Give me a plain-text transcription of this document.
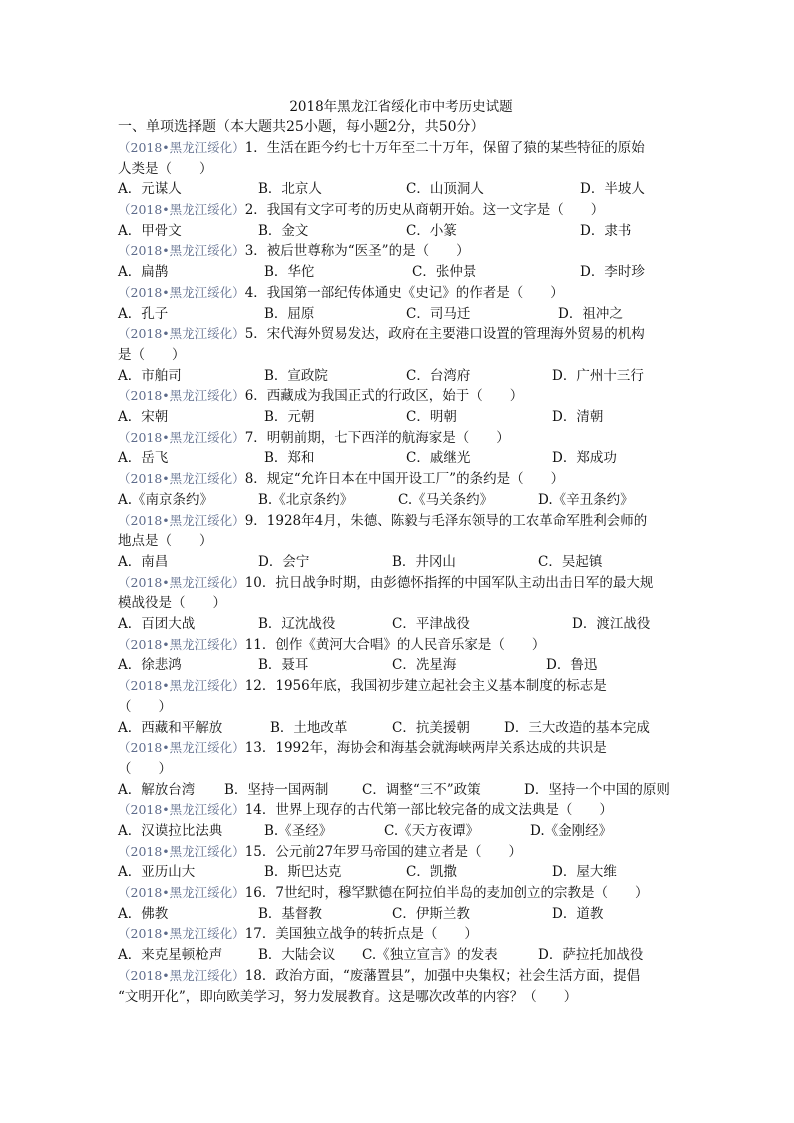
2018年黑龙江省绥化市中考历史试题
一、单项选择题（本大题共25小题，每小题2分，共50分）
（2018•黑龙江绥化）1．生活在距今约七十万年至二十万年，保留了猿的某些特征的原始
人类是（　　）
A．元谋人	B．北京人	C．山顶洞人	D．半坡人
（2018•黑龙江绥化）2．我国有文字可考的历史从商朝开始。这一文字是（　　）
A．甲骨文	B．金文	C．小篆	D．隶书
（2018•黑龙江绥化）3．被后世尊称为“医圣”的是（　　）
A．扁鹊	B．华佗	C．张仲景	D．李时珍
（2018•黑龙江绥化）4．我国第一部纪传体通史《史记》的作者是（　　）
A．孔子	B．屈原	C．司马迁	D．祖冲之
（2018•黑龙江绥化）5．宋代海外贸易发达，政府在主要港口设置的管理海外贸易的机构
是（　　）
A．市舶司	B．宣政院	C．台湾府	D．广州十三行
（2018•黑龙江绥化）6．西藏成为我国正式的行政区，始于（　　）
A．宋朝	B．元朝	C．明朝	D．清朝
（2018•黑龙江绥化）7．明朝前期，七下西洋的航海家是（　　）
A．岳飞	B．郑和	C．戚继光	D．郑成功
（2018•黑龙江绥化）8．规定“允许日本在中国开设工厂”的条约是（　　）
A.《南京条约》	B.《北京条约》	C.《马关条约》	D.《辛丑条约》
（2018•黑龙江绥化）9．1928年4月，朱德、陈毅与毛泽东领导的工农革命军胜利会师的
地点是（　　）
A．南昌	D．会宁	B．井冈山	C．吴起镇
（2018•黑龙江绥化）10．抗日战争时期，由彭德怀指挥的中国军队主动出击日军的最大规
模战役是（　　）
A．百团大战	B．辽沈战役	C．平津战役	D．渡江战役
（2018•黑龙江绥化）11．创作《黄河大合唱》的人民音乐家是（　　）
A．徐悲鸿	B．聂耳	C．冼星海	D．鲁迅
（2018•黑龙江绥化）12．1956年底，我国初步建立起社会主义基本制度的标志是
（　　）
A．西藏和平解放	B．土地改革	C．抗美援朝	D．三大改造的基本完成
（2018•黑龙江绥化）13．1992年，海协会和海基会就海峡两岸关系达成的共识是
（　　）
A．解放台湾 B．坚持一国两制 C．调整“三不”政策	D．坚持一个中国的原则
（2018•黑龙江绥化）14．世界上现存的古代第一部比较完备的成文法典是（　　）
A．汉谟拉比法典	B.《圣经》	C.《天方夜谭》	D.《金刚经》
（2018•黑龙江绥化）15．公元前27年罗马帝国的建立者是（　　）
A．亚历山大	B．斯巴达克	C．凯撒	D．屋大维
（2018•黑龙江绥化）16．7世纪时，穆罕默德在阿拉伯半岛的麦加创立的宗教是（　　）
A．佛教	B．基督教	C．伊斯兰教	D．道教
（2018•黑龙江绥化）17．美国独立战争的转折点是（　　）
A．来克星顿枪声	B．大陆会议 C.《独立宣言》的发表	D．萨拉托加战役
（2018•黑龙江绥化）18．政治方面，“废藩置县”，加强中央集权；社会生活方面，提倡
“文明开化”，即向欧美学习，努力发展教育。这是哪次改革的内容？（　　）
